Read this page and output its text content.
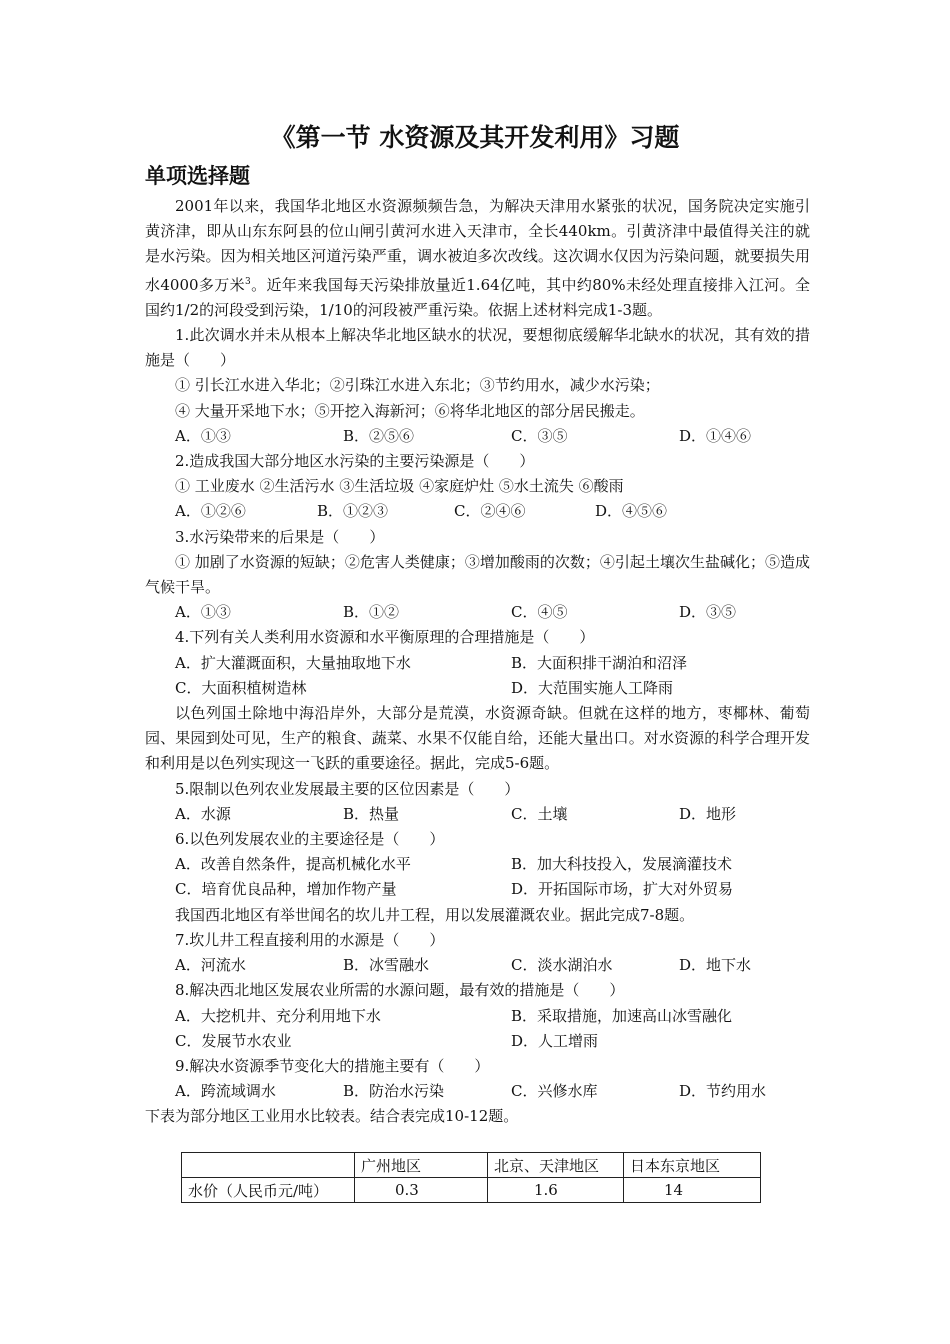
《第一节 水资源及其开发利用》习题
单项选择题

2001年以来，我国华北地区水资源频频告急，为解决天津用水紧张的状况，国务院决定实施引黄济津，即从山东东阿县的位山闸引黄河水进入天津市，全长440km。引黄济津中最值得关注的就是水污染。因为相关地区河道污染严重，调水被迫多次改线。这次调水仅因为污染问题，就要损失用水4000多万米$^3$。近年来我国每天污染排放量近1.64亿吨，其中约80%未经处理直接排入江河。全国约1/2的河段受到污染，1/10的河段被严重污染。依据上述材料完成1-3题。

1.此次调水并未从根本上解决华北地区缺水的状况，要想彻底缓解华北缺水的状况，其有效的措施是（　　）

① 引长江水进入华北；②引珠江水进入东北；③节约用水，减少水污染；

④ 大量开采地下水；⑤开挖入海新河；⑥将华北地区的部分居民搬走。

A．①③	B．②⑤⑥	C．③⑤	D．①④⑥

2.造成我国大部分地区水污染的主要污染源是（　　）

① 工业废水 ②生活污水 ③生活垃圾 ④家庭炉灶 ⑤水土流失 ⑥酸雨

A．①②⑥	B．①②③	C．②④⑥	D．④⑤⑥

3.水污染带来的后果是（　　）

① 加剧了水资源的短缺；②危害人类健康；③增加酸雨的次数；④引起土壤次生盐碱化；⑤造成气候干旱。

A．①③	B．①②	C．④⑤	D．③⑤

4.下列有关人类利用水资源和水平衡原理的合理措施是（　　）

A．扩大灌溉面积，大量抽取地下水	B．大面积排干湖泊和沼泽
C．大面积植树造林	D．大范围实施人工降雨

以色列国土除地中海沿岸外，大部分是荒漠，水资源奇缺。但就在这样的地方，枣椰林、葡萄园、果园到处可见，生产的粮食、蔬菜、水果不仅能自给，还能大量出口。对水资源的科学合理开发和利用是以色列实现这一飞跃的重要途径。据此，完成5-6题。

5.限制以色列农业发展最主要的区位因素是（　　）

A．水源	B．热量	C．土壤	D．地形

6.以色列发展农业的主要途径是（　　）

A．改善自然条件，提高机械化水平	B．加大科技投入，发展滴灌技术
C．培育优良品种，增加作物产量	D．开拓国际市场，扩大对外贸易

我国西北地区有举世闻名的坎儿井工程，用以发展灌溉农业。据此完成7-8题。

7.坎儿井工程直接利用的水源是（　　）

A．河流水	B．冰雪融水	C．淡水湖泊水	D．地下水

8.解决西北地区发展农业所需的水源问题，最有效的措施是（　　）

A．大挖机井、充分利用地下水	B．采取措施，加速高山冰雪融化
C．发展节水农业	D．人工增雨

9.解决水资源季节变化大的措施主要有（　　）

A．跨流域调水	B．防治水污染	C．兴修水库	D．节约用水

下表为部分地区工业用水比较表。结合表完成10-12题。

	广州地区	北京、天津地区	日本东京地区
水价（人民币元/吨）	0.3	1.6	14
